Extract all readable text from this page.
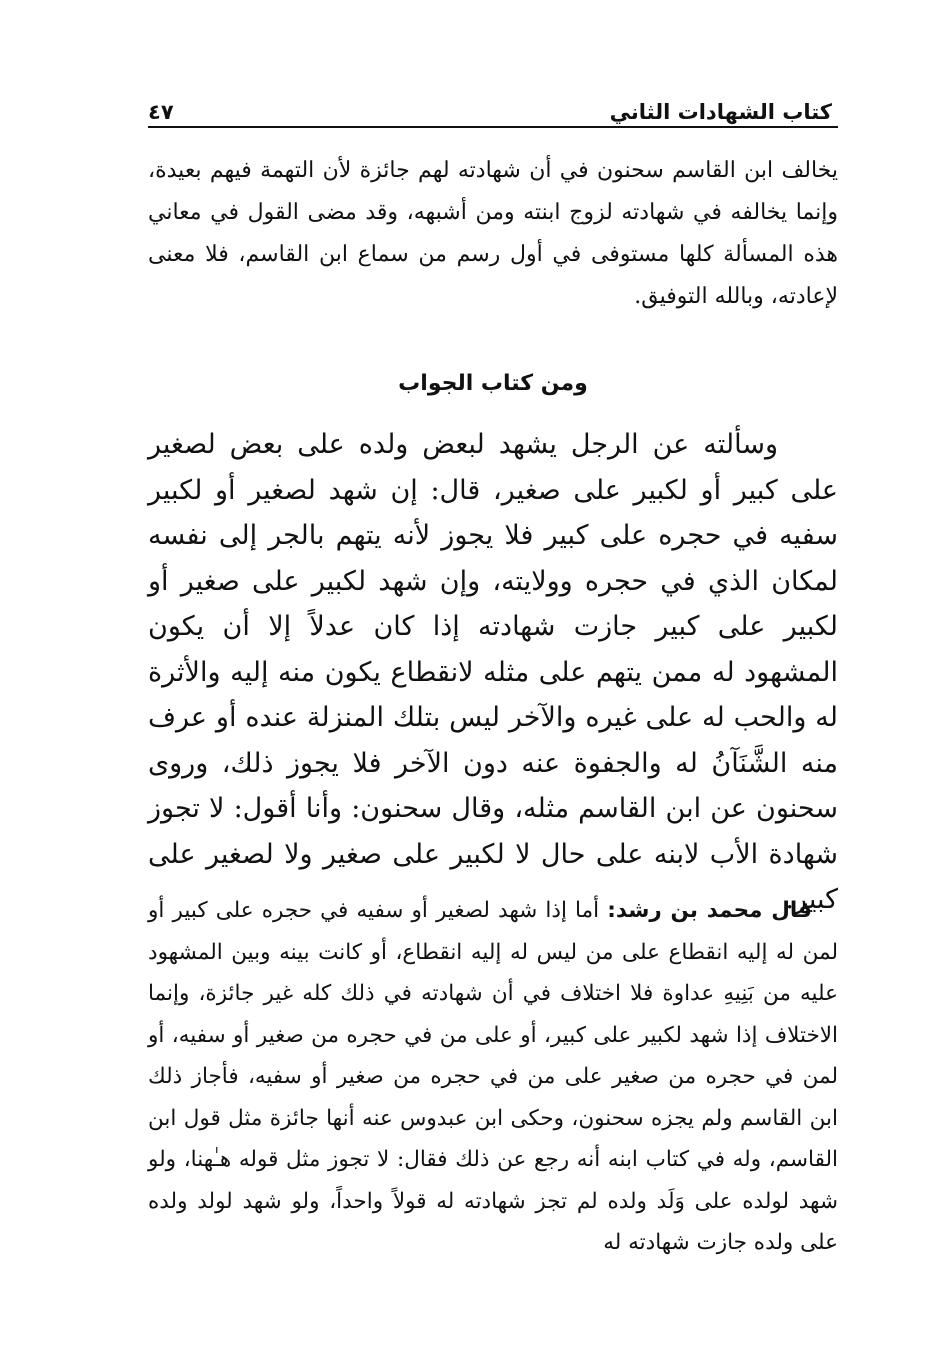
كتاب الشهادات الثاني
٤٧

يخالف ابن القاسم سحنون في أن شهادته لهم جائزة لأن التهمة فيهم بعيدة، وإنما يخالفه في شهادته لزوج ابنته ومن أشبهه، وقد مضى القول في معاني هذه المسألة كلها مستوفى في أول رسم من سماع ابن القاسم، فلا معنى لإعادته، وبالله التوفيق.

ومن كتاب الجواب

وسألته عن الرجل يشهد لبعض ولده على بعض لصغير على كبير أو لكبير على صغير، قال: إن شهد لصغير أو لكبير سفيه في حجره على كبير فلا يجوز لأنه يتهم بالجر إلى نفسه لمكان الذي في حجره وولايته، وإن شهد لكبير على صغير أو لكبير على كبير جازت شهادته إذا كان عدلاً إلا أن يكون المشهود له ممن يتهم على مثله لانقطاع يكون منه إليه والأثرة له والحب له على غيره والآخر ليس بتلك المنزلة عنده أو عرف منه الشَّنَآنُ له والجفوة عنه دون الآخر فلا يجوز ذلك، وروى سحنون عن ابن القاسم مثله، وقال سحنون: وأنا أقول: لا تجوز شهادة الأب لابنه على حال لا لكبير على صغير ولا لصغير على كبير.

قال محمد بن رشد: أما إذا شهد لصغير أو سفيه في حجره على كبير أو لمن له إليه انقطاع على من ليس له إليه انقطاع، أو كانت بينه وبين المشهود عليه من بَنِيهِ عداوة فلا اختلاف في أن شهادته في ذلك كله غير جائزة، وإنما الاختلاف إذا شهد لكبير على كبير، أو على من في حجره من صغير أو سفيه، أو لمن في حجره من صغير على من في حجره من صغير أو سفيه، فأجاز ذلك ابن القاسم ولم يجزه سحنون، وحكى ابن عبدوس عنه أنها جائزة مثل قول ابن القاسم، وله في كتاب ابنه أنه رجع عن ذلك فقال: لا تجوز مثل قوله هـٰهنا، ولو شهد لولده على وَلَد ولده لم تجز شهادته له قولاً واحداً، ولو شهد لولد ولده على ولده جازت شهادته له
